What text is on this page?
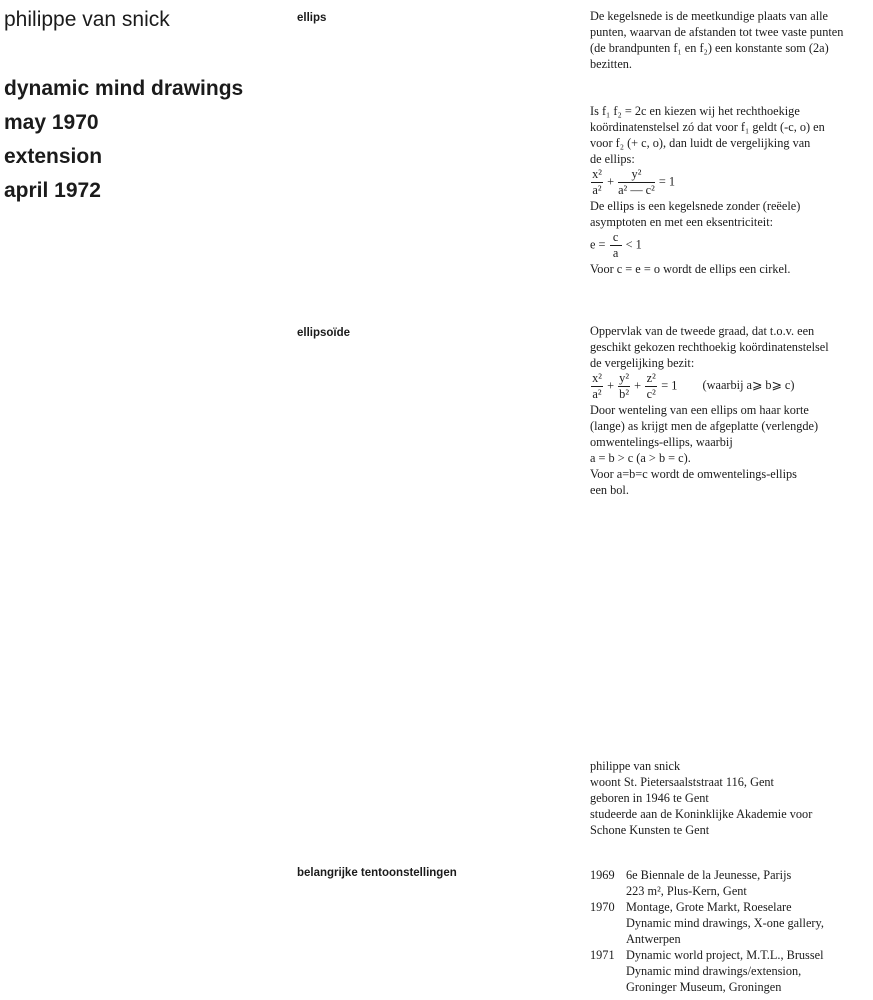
philippe van snick
dynamic mind drawings
may 1970
extension
april 1972
ellips
ellipsoïde
belangrijke tentoonstellingen

De kegelsnede is de meetkundige plaats van alle
punten, waarvan de afstanden tot twee vaste punten
(de brandpunten f₁ en f₂) een konstante som (2a)
bezitten.

Is f₁ f₂ = 2c en kiezen wij het rechthoekige
koördinatenstelsel zó dat voor f₁ geldt (-c, o) en
voor f₂ (+ c, o), dan luidt de vergelijking van
de ellips:

$\frac{\text{x²}}{\text{a²}} + \frac{\text{y²}}{\text{a² — c²}} = 1$

De ellips is een kegelsnede zonder (reëele)
asymptoten en met een eksentriciteit:

$e = \frac{c}{a} < 1$

Voor c = e = o wordt de ellips een cirkel.

Oppervlak van de tweede graad, dat t.o.v. een
geschikt gekozen rechthoekig koördinatenstelsel
de vergelijking bezit:

$\frac{\text{x²}}{\text{a²}} + \frac{\text{y²}}{\text{b²}} + \frac{\text{z²}}{\text{c²}} = 1$ (waarbij a⩾ b⩾ c)

Door wenteling van een ellips om haar korte
(lange) as krijgt men de afgeplatte (verlengde)
omwentelings-ellips, waarbij
a = b > c (a > b = c).
Voor a=b=c wordt de omwentelings-ellips
een bol.

philippe van snick
woont St. Pietersaalststraat 116, Gent
geboren in 1946 te Gent
studeerde aan de Koninklijke Akademie voor
Schone Kunsten te Gent
1969 6e Biennale de la Jeunesse, Parijs
223 m², Plus-Kern, Gent
1970 Montage, Grote Markt, Roeselare
Dynamic mind drawings, X-one gallery,
Antwerpen
1971 Dynamic world project, M.T.L., Brussel
Dynamic mind drawings/extension,
Groninger Museum, Groningen
